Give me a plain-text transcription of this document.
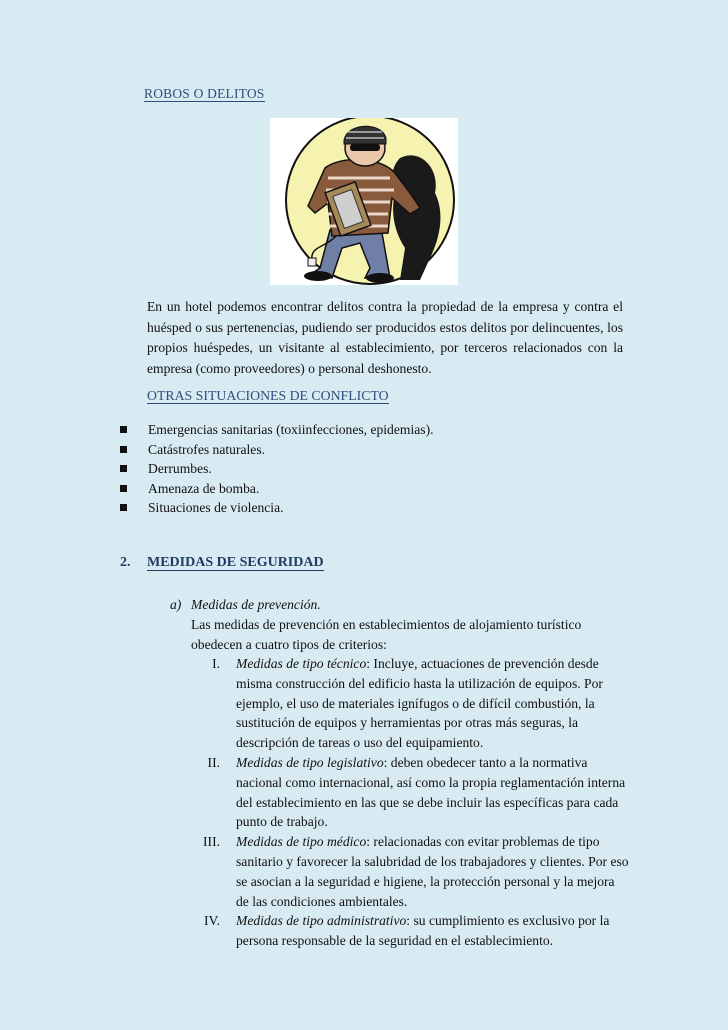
ROBOS O DELITOS
En un hotel podemos encontrar delitos contra la propiedad de la empresa y contra el huésped o sus pertenencias, pudiendo ser producidos estos delitos por delincuentes, los propios huéspedes, un visitante al establecimiento, por terceros relacionados con la empresa (como proveedores) o personal deshonesto.
OTRAS SITUACIONES DE CONFLICTO
Emergencias sanitarias (toxiinfecciones, epidemias).
Catástrofes naturales.
Derrumbes.
Amenaza de bomba.
Situaciones de violencia.
2. MEDIDAS DE SEGURIDAD
a) Medidas de prevención.
Las medidas de prevención en establecimientos de alojamiento turístico obedecen a cuatro tipos de criterios:
I. Medidas de tipo técnico: Incluye, actuaciones de prevención desde misma construcción del edificio hasta la utilización de equipos. Por ejemplo, el uso de materiales ignífugos o de difícil combustión, la sustitución de equipos y herramientas por otras más seguras, la descripción de tareas o uso del equipamiento.
II. Medidas de tipo legislativo: deben obedecer tanto a la normativa nacional como internacional, así como la propia reglamentación interna del establecimiento en las que se debe incluir las específicas para cada punto de trabajo.
III. Medidas de tipo médico: relacionadas con evitar problemas de tipo sanitario y favorecer la salubridad de los trabajadores y clientes. Por eso se asocian a la seguridad e higiene, la protección personal y la mejora de las condiciones ambientales.
IV. Medidas de tipo administrativo: su cumplimiento es exclusivo por la persona responsable de la seguridad en el establecimiento.
